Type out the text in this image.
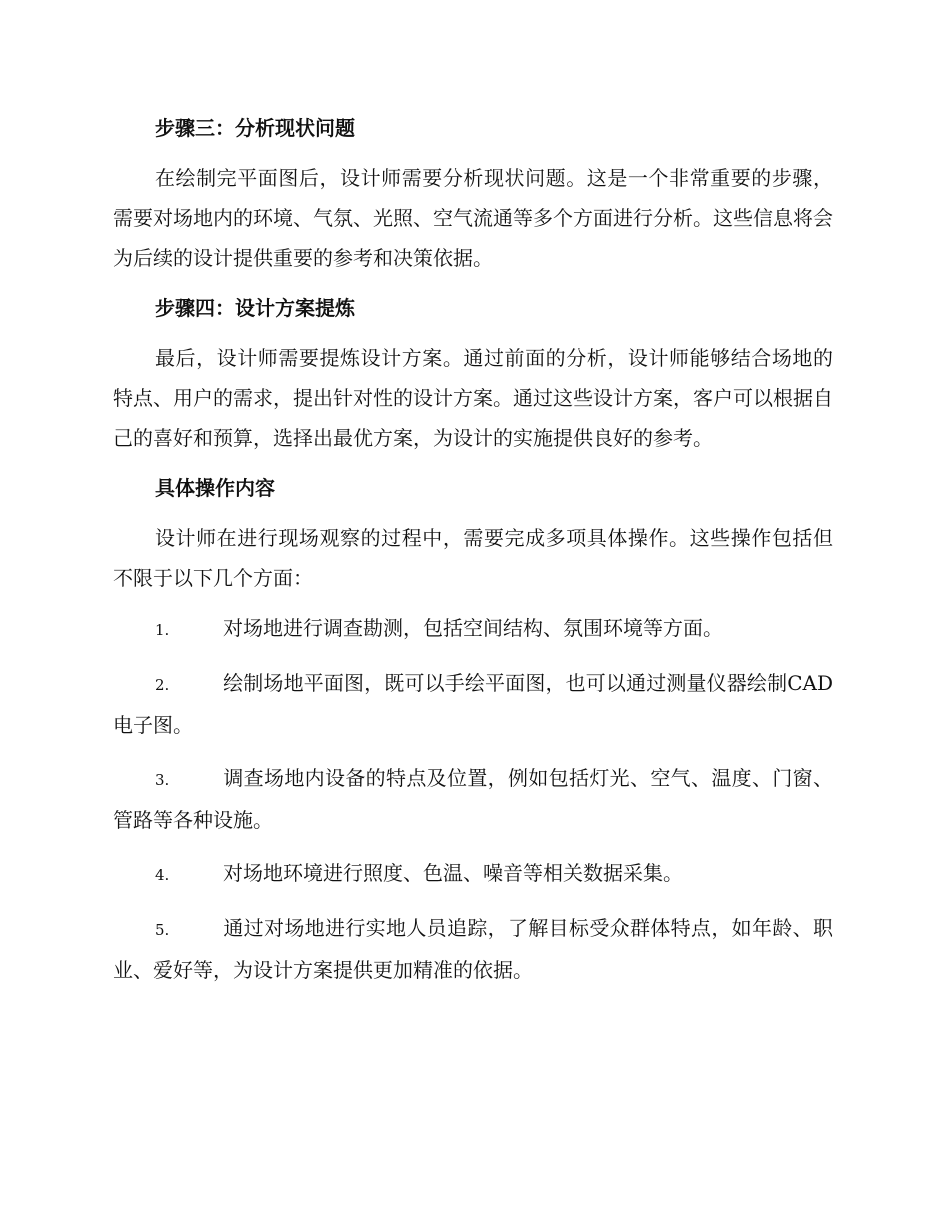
步骤三：分析现状问题

在绘制完平面图后，设计师需要分析现状问题。这是一个非常重要的步骤，需要对场地内的环境、气氛、光照、空气流通等多个方面进行分析。这些信息将会为后续的设计提供重要的参考和决策依据。

步骤四：设计方案提炼

最后，设计师需要提炼设计方案。通过前面的分析，设计师能够结合场地的特点、用户的需求，提出针对性的设计方案。通过这些设计方案，客户可以根据自己的喜好和预算，选择出最优方案，为设计的实施提供良好的参考。

具体操作内容

设计师在进行现场观察的过程中，需要完成多项具体操作。这些操作包括但不限于以下几个方面：

1.	对场地进行调查勘测，包括空间结构、氛围环境等方面。

2.	绘制场地平面图，既可以手绘平面图，也可以通过测量仪器绘制CAD 电子图。

3.	调查场地内设备的特点及位置，例如包括灯光、空气、温度、门窗、管路等各种设施。

4.	对场地环境进行照度、色温、噪音等相关数据采集。

5.	通过对场地进行实地人员追踪，了解目标受众群体特点，如年龄、职业、爱好等，为设计方案提供更加精准的依据。
